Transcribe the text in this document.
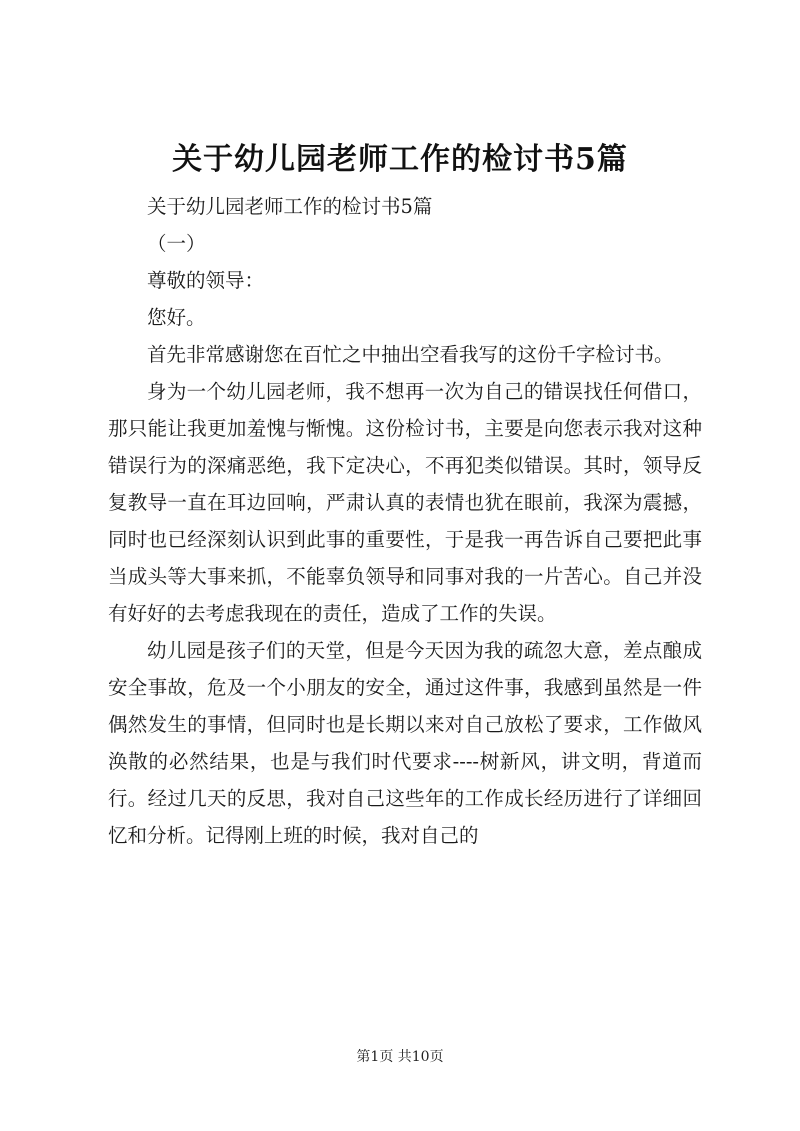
关于幼儿园老师工作的检讨书5篇

关于幼儿园老师工作的检讨书5篇

（一）

尊敬的领导：

您好。

首先非常感谢您在百忙之中抽出空看我写的这份千字检讨书。

身为一个幼儿园老师，我不想再一次为自己的错误找任何借口，那只能让我更加羞愧与惭愧。这份检讨书，主要是向您表示我对这种错误行为的深痛恶绝，我下定决心，不再犯类似错误。其时，领导反复教导一直在耳边回响，严肃认真的表情也犹在眼前，我深为震撼，同时也已经深刻认识到此事的重要性，于是我一再告诉自己要把此事当成头等大事来抓，不能辜负领导和同事对我的一片苦心。自己并没有好好的去考虑我现在的责任，造成了工作的失误。

幼儿园是孩子们的天堂，但是今天因为我的疏忽大意，差点酿成安全事故，危及一个小朋友的安全，通过这件事，我感到虽然是一件偶然发生的事情，但同时也是长期以来对自己放松了要求，工作做风涣散的必然结果，也是与我们时代要求----树新风，讲文明，背道而行。经过几天的反思，我对自己这些年的工作成长经历进行了详细回忆和分析。记得刚上班的时候，我对自己的

第1页 共10页
